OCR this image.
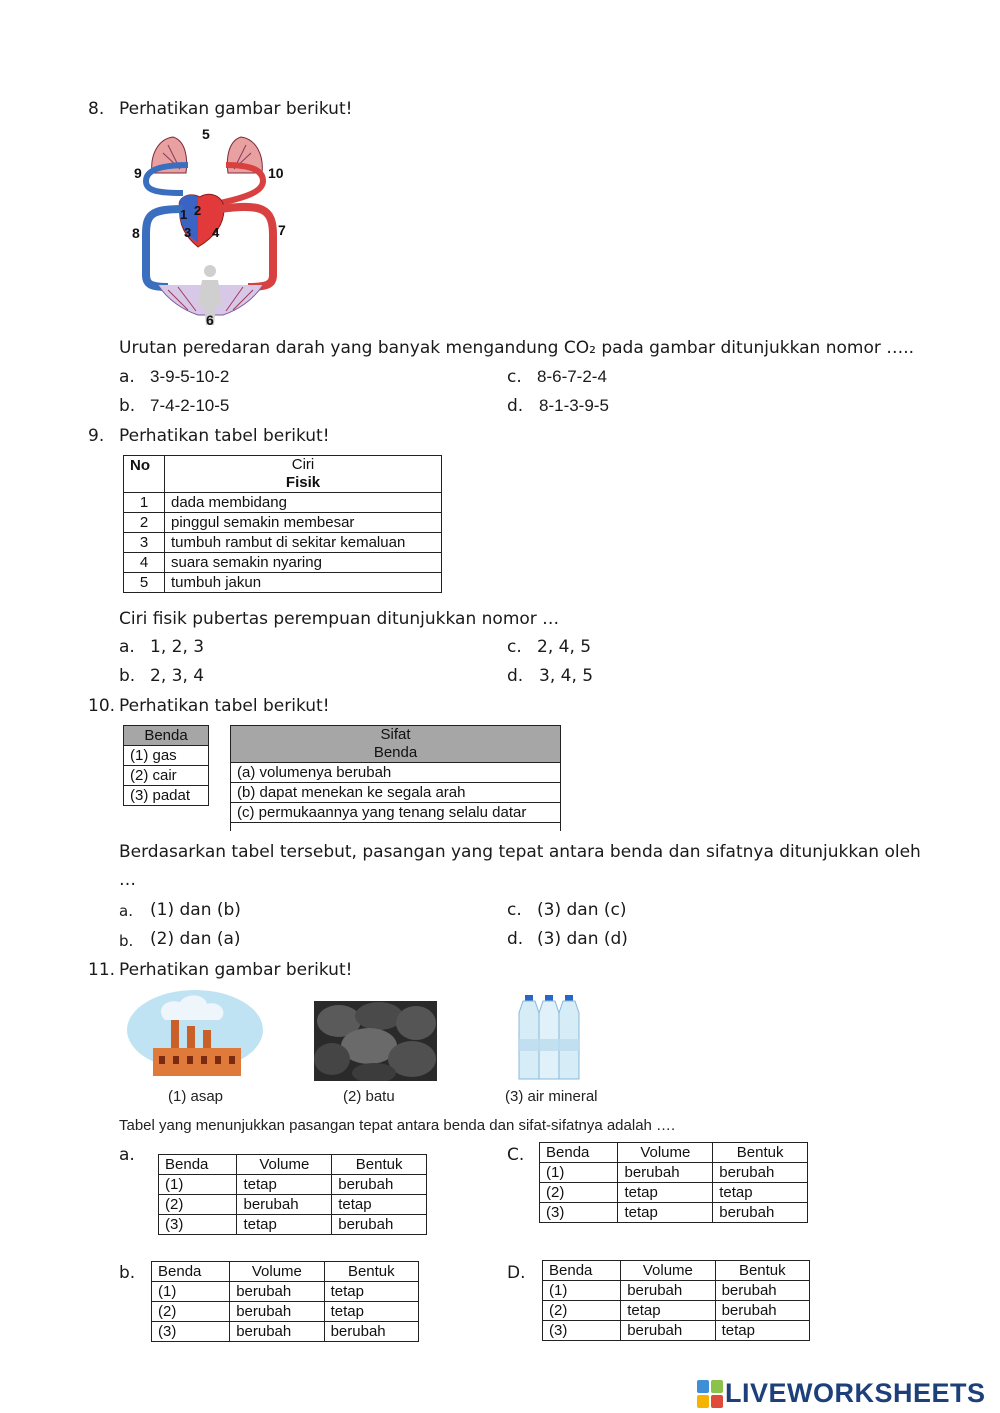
8. Perhatikan gambar berikut!
5
9	10
1 2
8	3 4	7
6
Urutan peredaran darah yang banyak mengandung CO₂ pada gambar ditunjukkan nomor …..
a. 3-9-5-10-2	c. 8-6-7-2-4
b. 7-4-2-10-5	d. 8-1-3-9-5
9. Perhatikan tabel berikut!
No	Ciri
Fisik
1	dada membidang
2	pinggul semakin membesar
3	tumbuh rambut di sekitar kemaluan
4	suara semakin nyaring
5	tumbuh jakun
Ciri fisik pubertas perempuan ditunjukkan nomor …
a. 1, 2, 3	c. 2, 4, 5
b. 2, 3, 4	d. 3, 4, 5
10. Perhatikan tabel berikut!
Benda
(1) gas
(2) cair
(3) padat
Sifat
Benda
(a) volumenya berubah
(b) dapat menekan ke segala arah
(c) permukaannya yang tenang selalu datar

Berdasarkan tabel tersebut, pasangan yang tepat antara benda dan sifatnya ditunjukkan oleh
…
a. (1) dan (b)	c. (3) dan (c)
b. (2) dan (a)	d. (3) dan (d)
11. Perhatikan gambar berikut!
(1) asap	(2) batu	(3) air mineral
Tabel yang menunjukkan pasangan tepat antara benda dan sifat-sifatnya adalah ….
a. Benda	Volume	Bentuk
(1)	tetap	berubah
(2)	berubah	tetap
(3)	tetap	berubah
C. Benda	Volume	Bentuk
(1)	berubah	berubah
(2)	tetap	tetap
(3)	tetap	berubah
b. Benda	Volume	Bentuk
(1)	berubah	tetap
(2)	berubah	tetap
(3)	berubah	berubah
D. Benda	Volume	Bentuk
(1)	berubah	berubah
(2)	tetap	berubah
(3)	berubah	tetap
LIVEWORKSHEETS
